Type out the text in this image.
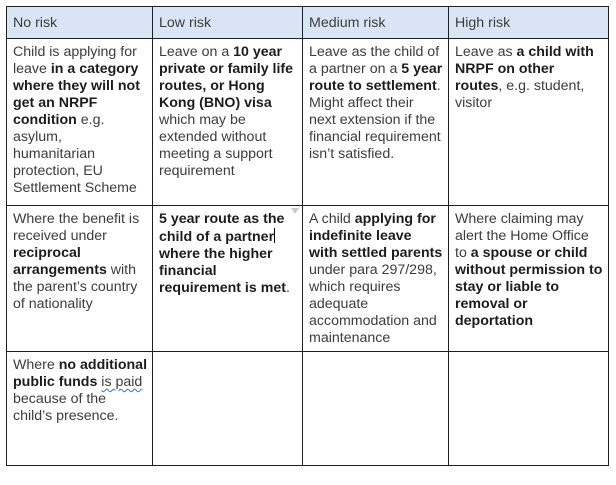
No risk	Low risk	Medium risk	High risk
Child is applying for leave in a category where they will not get an NRPF condition e.g. asylum, humanitarian protection, EU Settlement Scheme	Leave on a 10 year private or family life routes, or Hong Kong (BNO) visa which may be extended without meeting a support requirement	Leave as the child of a partner on a 5 year route to settlement. Might affect their next extension if the financial requirement isn’t satisfied.	Leave as a child with NRPF on other routes, e.g. student, visitor
Where the benefit is received under reciprocal arrangements with the parent’s country of nationality	5 year route as the child of a partner where the higher financial requirement is met.	A child applying for indefinite leave with settled parents under para 297/298, which requires adequate accommodation and maintenance	Where claiming may alert the Home Office to a spouse or child without permission to stay or liable to removal or deportation
Where no additional public funds is paid because of the child’s presence.			
